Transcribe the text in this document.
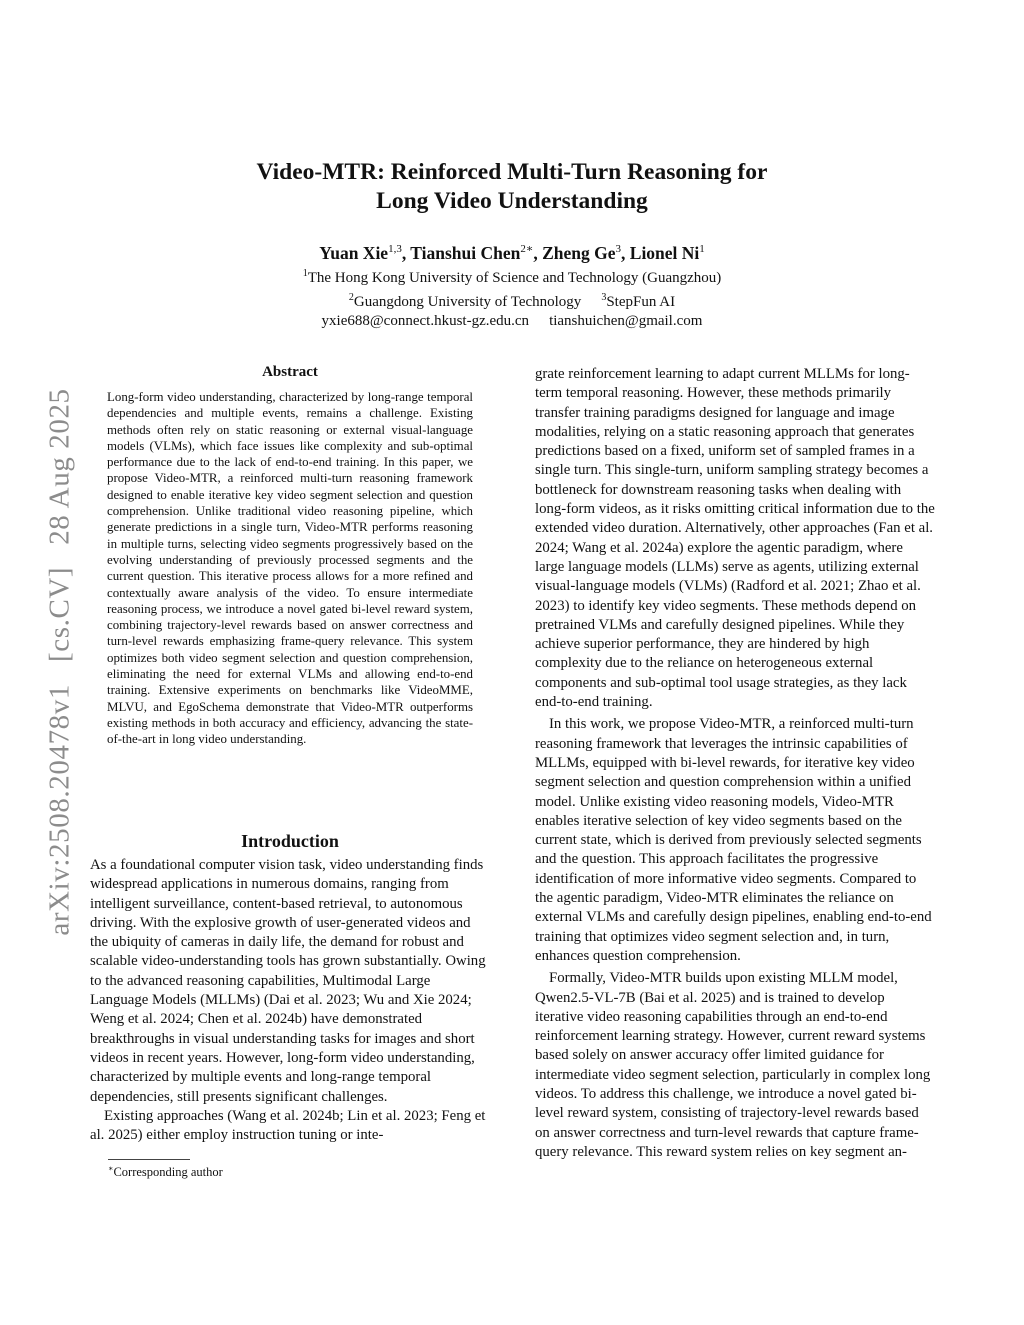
arXiv:2508.20478v1[cs.CV]28 Aug 2025
Video-MTR: Reinforced Multi-Turn Reasoning for
Long Video Understanding
Yuan Xie$^{1,3}$, Tianshui Chen$^{2∗}$, Zheng Ge$^3$, Lionel Ni$^1$
$^1$The Hong Kong University of Science and Technology (Guangzhou)
$^2$Guangdong University of Technology $^3$StepFun AI
yxie688@connect.hkust-gz.edu.cn tianshuichen@gmail.com
Abstract
Long-form video understanding, characterized by long-range temporal dependencies and multiple events, remains a challenge. Existing methods often rely on static reasoning or external visual-language models (VLMs), which face issues like complexity and sub-optimal performance due to the lack of end-to-end training. In this paper, we propose Video-MTR, a reinforced multi-turn reasoning framework designed to enable iterative key video segment selection and question comprehension. Unlike traditional video reasoning pipeline, which generate predictions in a single turn, Video-MTR performs reasoning in multiple turns, selecting video segments progressively based on the evolving understanding of previously processed segments and the current question. This iterative process allows for a more refined and contextually aware analysis of the video. To ensure intermediate reasoning process, we introduce a novel gated bi-level reward system, combining trajectory-level rewards based on answer correctness and turn-level rewards emphasizing frame-query relevance. This system optimizes both video segment selection and question comprehension, eliminating the need for external VLMs and allowing end-to-end training. Extensive experiments on benchmarks like VideoMME, MLVU, and EgoSchema demonstrate that Video-MTR outperforms existing methods in both accuracy and efficiency, advancing the state-of-the-art in long video understanding.
Introduction

As a foundational computer vision task, video understanding finds widespread applications in numerous domains, ranging from intelligent surveillance, content-based retrieval, to autonomous driving. With the explosive growth of user-generated videos and the ubiquity of cameras in daily life, the demand for robust and scalable video-understanding tools has grown substantially. Owing to the advanced reasoning capabilities, Multimodal Large Language Models (MLLMs) (Dai et al. 2023; Wu and Xie 2024; Weng et al. 2024; Chen et al. 2024b) have demonstrated breakthroughs in visual understanding tasks for images and short videos in recent years. However, long-form video understanding, characterized by multiple events and long-range temporal dependencies, still presents significant challenges.

Existing approaches (Wang et al. 2024b; Lin et al. 2023; Feng et al. 2025) either employ instruction tuning or inte-

∗Corresponding author

grate reinforcement learning to adapt current MLLMs for long-term temporal reasoning. However, these methods primarily transfer training paradigms designed for language and image modalities, relying on a static reasoning approach that generates predictions based on a fixed, uniform set of sampled frames in a single turn. This single-turn, uniform sampling strategy becomes a bottleneck for downstream reasoning tasks when dealing with long-form videos, as it risks omitting critical information due to the extended video duration. Alternatively, other approaches (Fan et al. 2024; Wang et al. 2024a) explore the agentic paradigm, where large language models (LLMs) serve as agents, utilizing external visual-language models (VLMs) (Radford et al. 2021; Zhao et al. 2023) to identify key video segments. These methods depend on pretrained VLMs and carefully designed pipelines. While they achieve superior performance, they are hindered by high complexity due to the reliance on heterogeneous external components and sub-optimal tool usage strategies, as they lack end-to-end training.

In this work, we propose Video-MTR, a reinforced multi-turn reasoning framework that leverages the intrinsic capabilities of MLLMs, equipped with bi-level rewards, for iterative key video segment selection and question comprehension within a unified model. Unlike existing video reasoning models, Video-MTR enables iterative selection of key video segments based on the current state, which is derived from previously selected segments and the question. This approach facilitates the progressive identification of more informative video segments. Compared to the agentic paradigm, Video-MTR eliminates the reliance on external VLMs and carefully design pipelines, enabling end-to-end training that optimizes video segment selection and, in turn, enhances question comprehension.

Formally, Video-MTR builds upon existing MLLM model, Qwen2.5-VL-7B (Bai et al. 2025) and is trained to develop iterative video reasoning capabilities through an end-to-end reinforcement learning strategy. However, current reward systems based solely on answer accuracy offer limited guidance for intermediate video segment selection, particularly in complex long videos. To address this challenge, we introduce a novel gated bi-level reward system, consisting of trajectory-level rewards based on answer correctness and turn-level rewards that capture frame-query relevance. This reward system relies on key segment an-
